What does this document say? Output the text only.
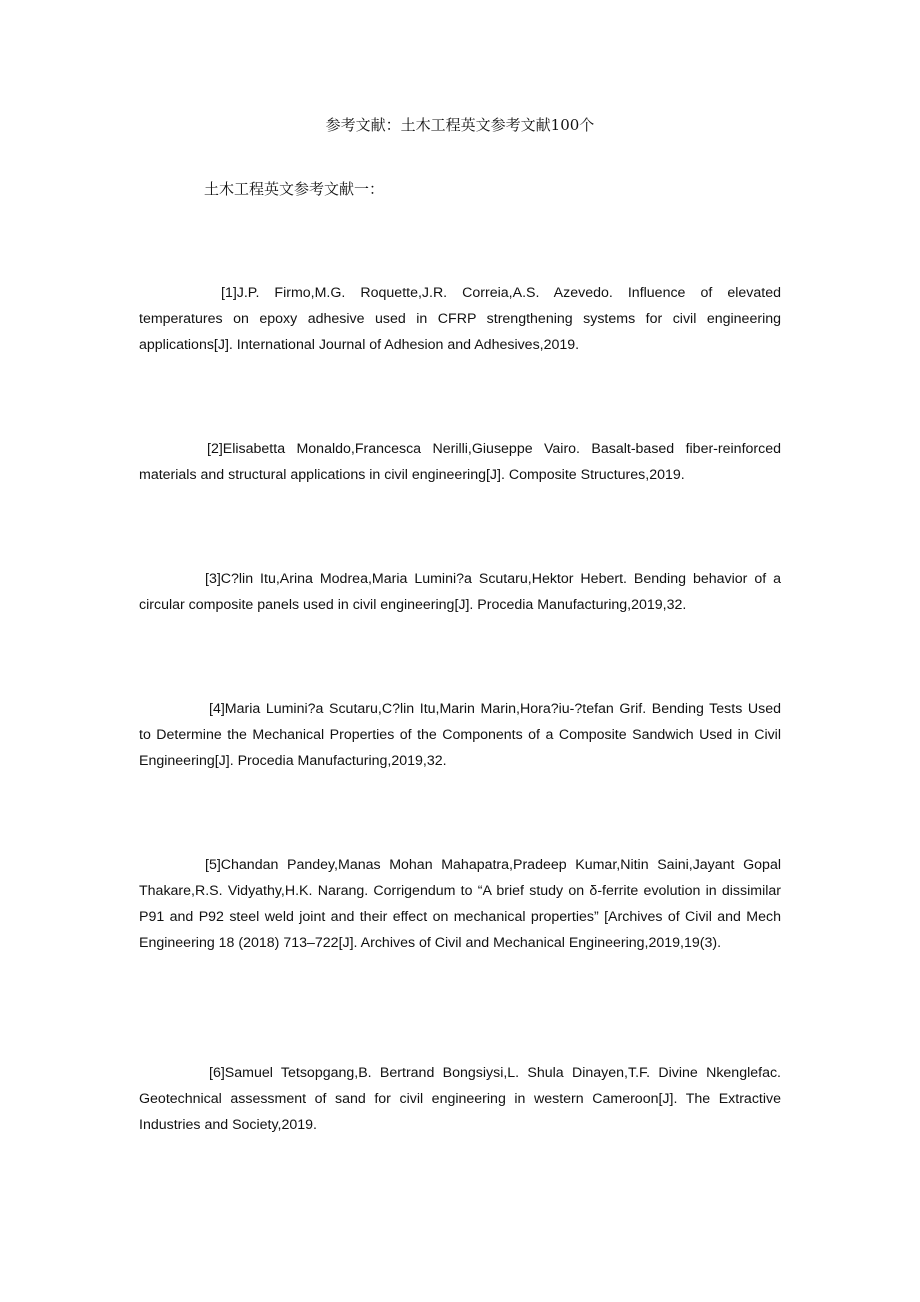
参考文献：土木工程英文参考文献100个
土木工程英文参考文献一：

[1]J.P. Firmo,M.G. Roquette,J.R. Correia,A.S. Azevedo. Influence of elevated temperatures on epoxy adhesive used in CFRP strengthening systems for civil engineering applications[J]. International Journal of Adhesion and Adhesives,2019.

[2]Elisabetta Monaldo,Francesca Nerilli,Giuseppe Vairo. Basalt-based fiber-reinforced materials and structural applications in civil engineering[J]. Composite Structures,2019.

[3]C?lin Itu,Arina Modrea,Maria Lumini?a Scutaru,Hektor Hebert. Bending behavior of a circular composite panels used in civil engineering[J]. Procedia Manufacturing,2019,32.

[4]Maria Lumini?a Scutaru,C?lin Itu,Marin Marin,Hora?iu-?tefan Grif. Bending Tests Used to Determine the Mechanical Properties of the Components of a Composite Sandwich Used in Civil Engineering[J]. Procedia Manufacturing,2019,32.

[5]Chandan Pandey,Manas Mohan Mahapatra,Pradeep Kumar,Nitin Saini,Jayant Gopal Thakare,R.S. Vidyathy,H.K. Narang. Corrigendum to “A brief study on δ-ferrite evolution in dissimilar P91 and P92 steel weld joint and their effect on mechanical properties” [Archives of Civil and Mech Engineering 18 (2018) 713–722[J]. Archives of Civil and Mechanical Engineering,2019,19(3).

[6]Samuel Tetsopgang,B. Bertrand Bongsiysi,L. Shula Dinayen,T.F. Divine Nkenglefac. Geotechnical assessment of sand for civil engineering in western Cameroon[J]. The Extractive Industries and Society,2019.
